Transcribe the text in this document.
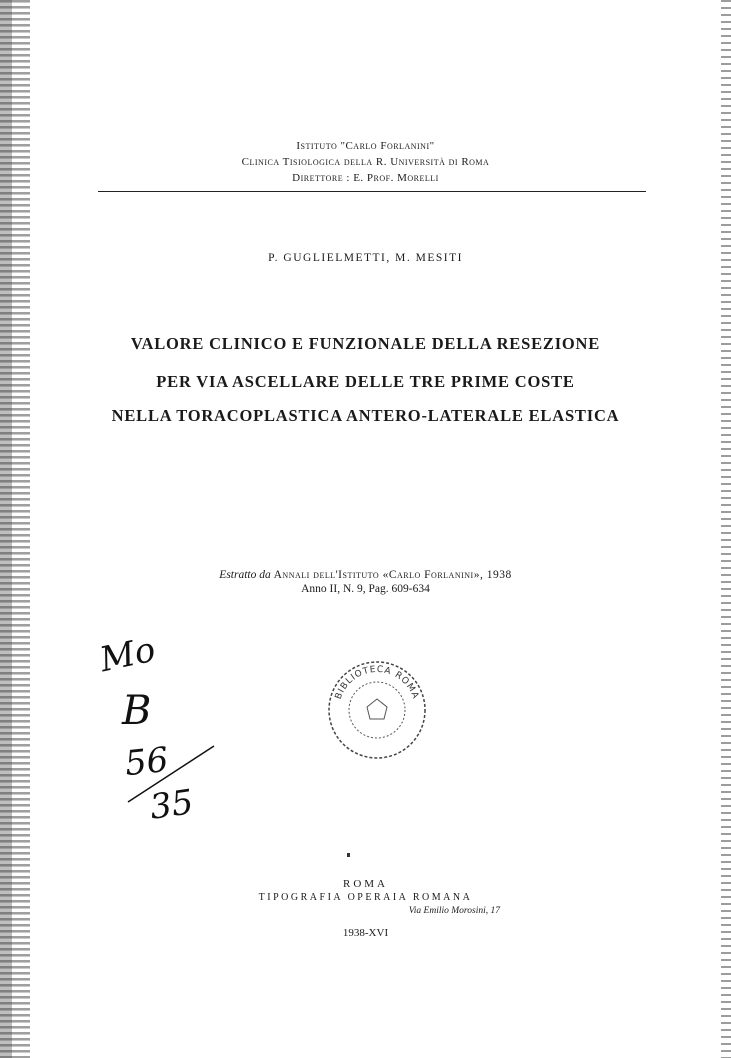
Istituto "Carlo Forlanini"
Clinica Tisiologica della R. Università di Roma
Direttore : E. Prof. Morelli
P. GUGLIELMETTI, M. MESITI
VALORE CLINICO E FUNZIONALE DELLA RESEZIONE
PER VIA ASCELLARE DELLE TRE PRIME COSTE
NELLA TORACOPLASTICA ANTERO-LATERALE ELASTICA
Estratto da Annali dell'Istituto «Carlo Forlanini», 1938
Anno II, N. 9, Pag. 609-634
Mo
B
56
35
BIBLIOTECA ROMA
ROMA
TIPOGRAFIA OPERAIA ROMANA
Via Emilio Morosini, 17
1938-XVI
